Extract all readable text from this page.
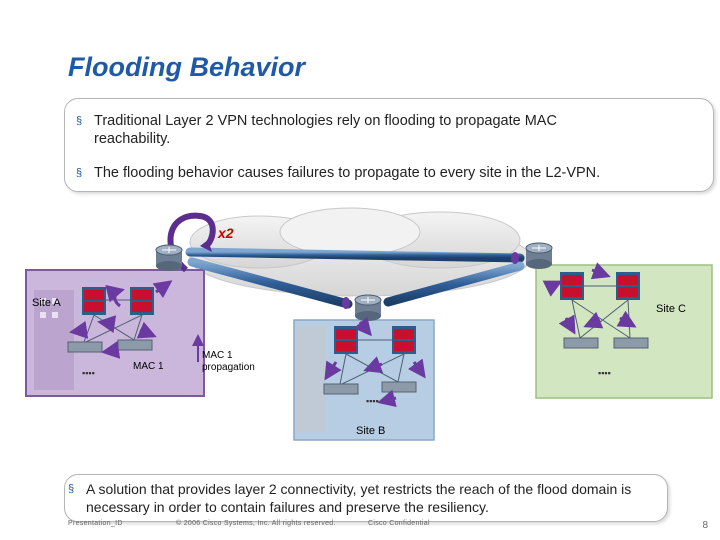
Flooding Behavior
§ Traditional Layer 2 VPN technologies rely on flooding to propagate MAC reachability.
§ The flooding behavior causes failures to propagate to every site in the L2-VPN.
Site A	Site C
Site B
x2
▪▪▪▪
MAC 1
MAC 1
propagation	▪▪▪▪
▪▪▪▪
§ A solution that provides layer 2 connectivity, yet restricts the reach of the flood domain is necessary in order to contain failures and preserve the resiliency.
Presentation_ID	© 2006 Cisco Systems, Inc. All rights reserved.	Cisco Confidential	8
